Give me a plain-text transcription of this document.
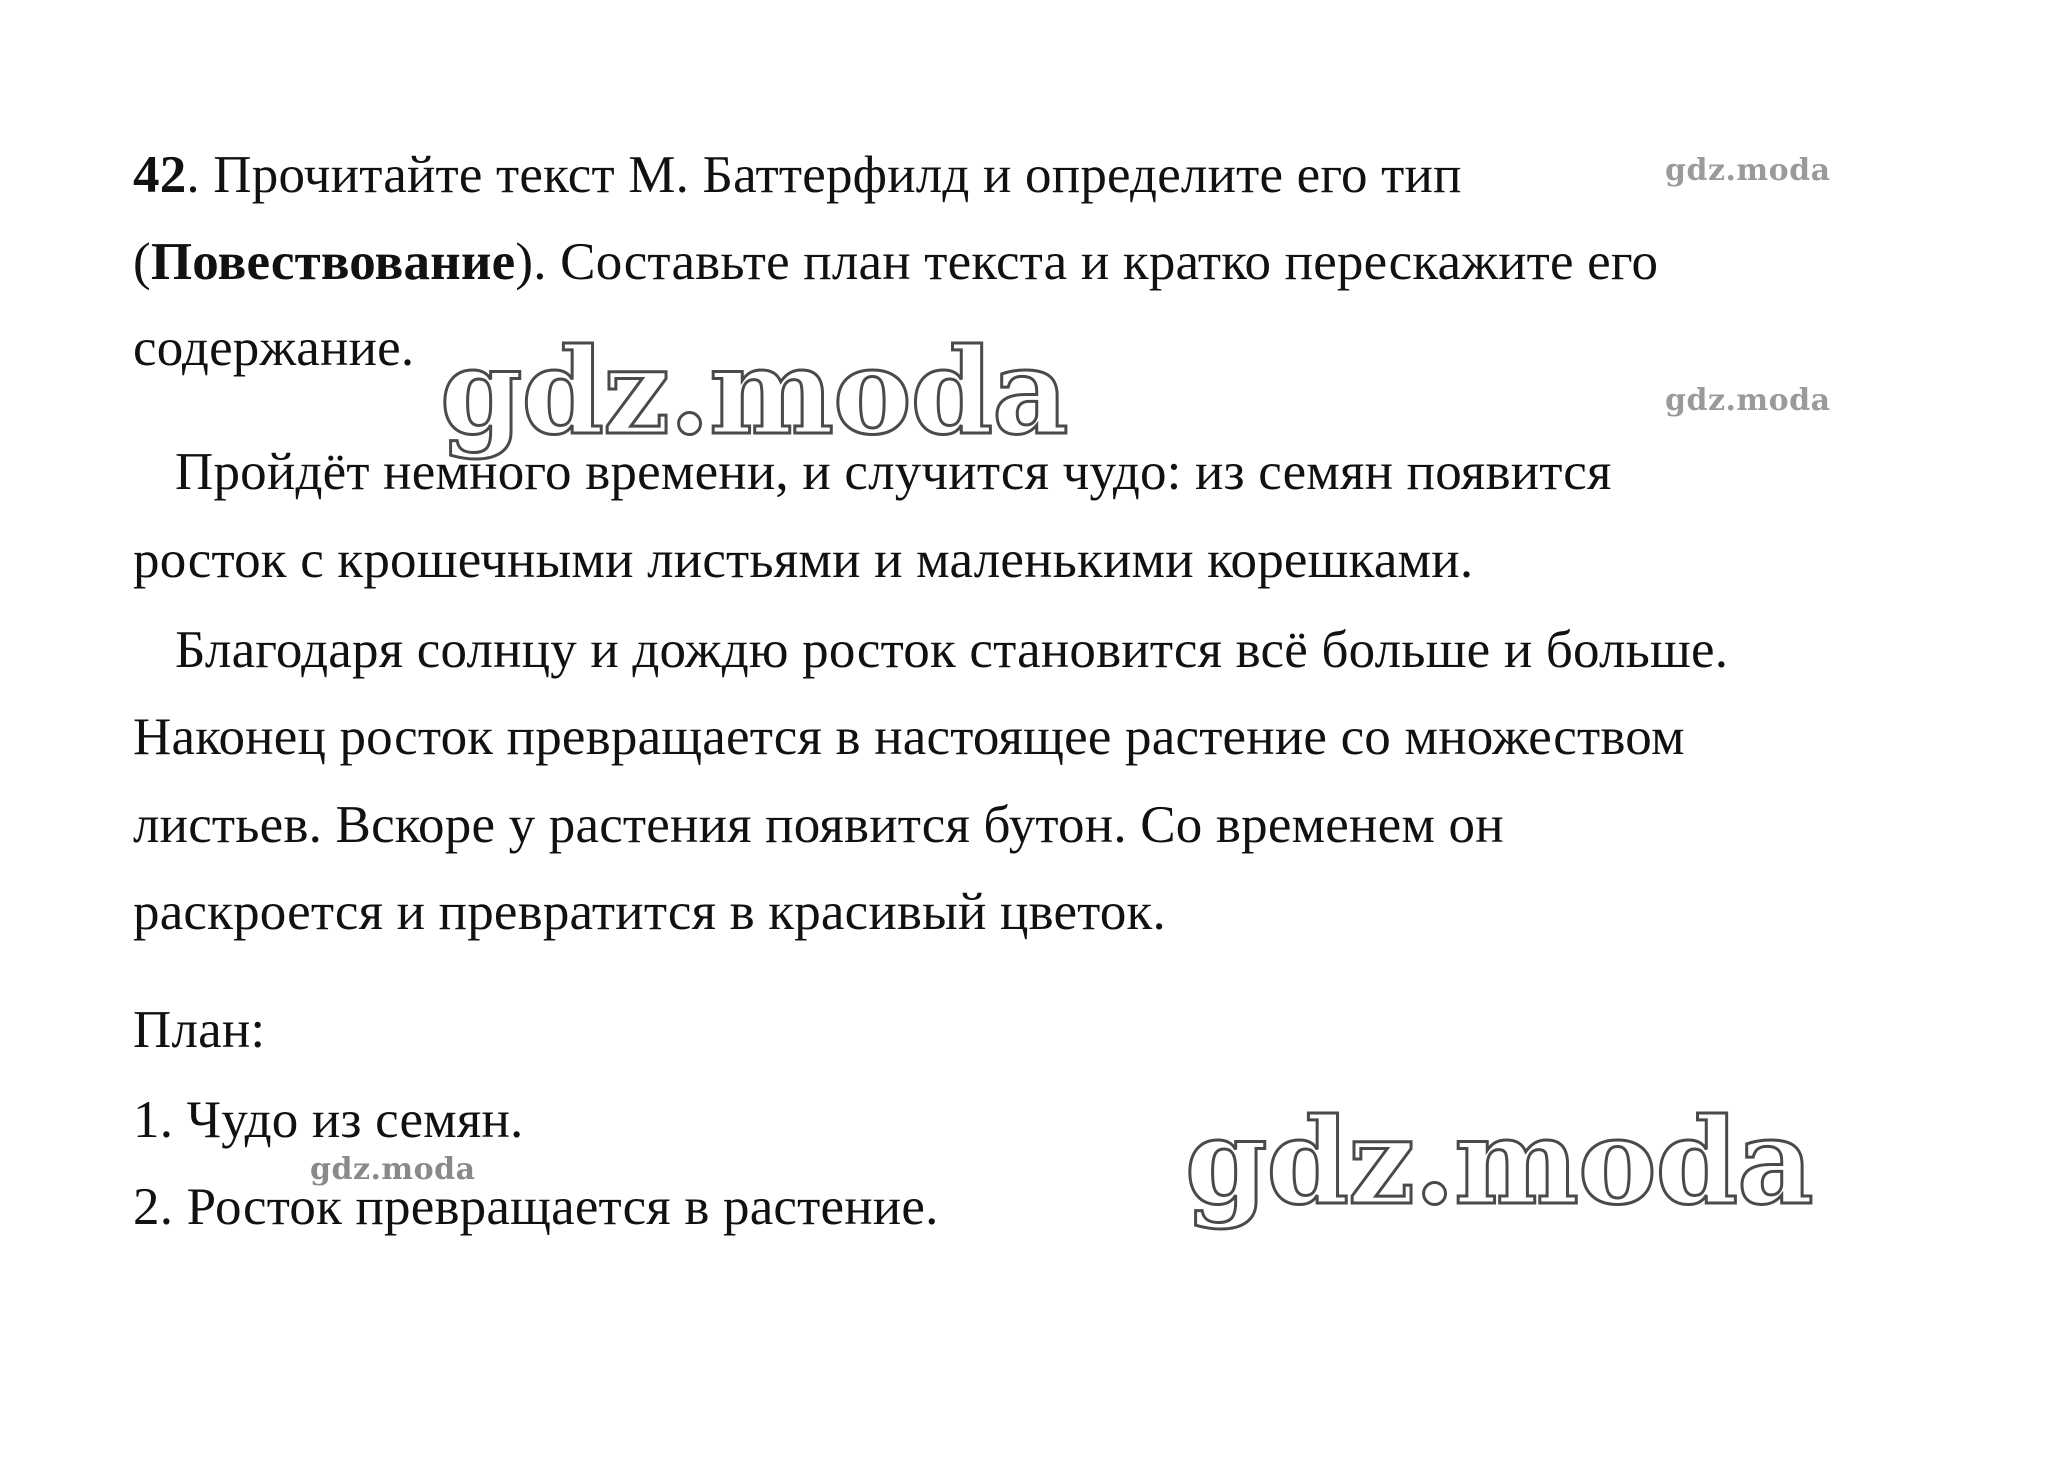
42. Прочитайте текст М. Баттерфилд и определите его тип
(Повествование). Составьте план текста и кратко перескажите его
содержание.
Пройдёт немного времени, и случится чудо: из семян появится
росток с крошечными листьями и маленькими корешками.
Благодаря солнцу и дождю росток становится всё больше и больше.
Наконец росток превращается в настоящее растение со множеством
листьев. Вскоре у растения появится бутон. Со временем он
раскроется и превратится в красивый цветок.
План:
1. Чудо из семян.
2. Росток превращается в растение.
gdz.moda
gdz.moda
gdz.moda
gdz.moda
gdz.moda
